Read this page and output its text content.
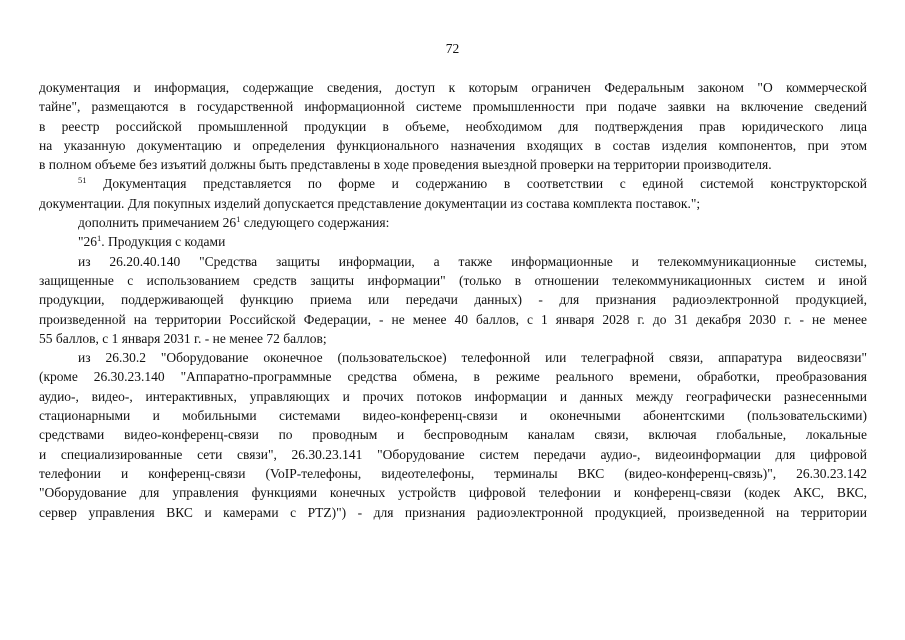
72
документация и информация, содержащие сведения, доступ к которым ограничен Федеральным законом "О коммерческой
тайне", размещаются в государственной информационной системе промышленности при подаче заявки на включение сведений
в реестр российской промышленной продукции в объеме, необходимом для подтверждения прав юридического лица
на указанную документацию и определения функционального назначения входящих в состав изделия компонентов, при этом
в полном объеме без изъятий должны быть представлены в ходе проведения выездной проверки на территории производителя.
$^{51}$ Документация представляется по форме и содержанию в соответствии с единой системой конструкторской
документации. Для покупных изделий допускается представление документации из состава комплекта поставок.";
дополнить примечанием $26^1$ следующего содержания:
"$26^1$. Продукция с кодами
из 26.20.40.140 "Средства защиты информации, а также информационные и телекоммуникационные системы,
защищенные с использованием средств защиты информации" (только в отношении телекоммуникационных систем и иной
продукции, поддерживающей функцию приема или передачи данных) - для признания радиоэлектронной продукцией,
произведенной на территории Российской Федерации, - не менее 40 баллов, с 1 января 2028 г. до 31 декабря 2030 г. - не менее
55 баллов, с 1 января 2031 г. - не менее 72 баллов;
из 26.30.2 "Оборудование оконечное (пользовательское) телефонной или телеграфной связи, аппаратура видеосвязи"
(кроме 26.30.23.140 "Аппаратно-программные средства обмена, в режиме реального времени, обработки, преобразования
аудио-, видео-, интерактивных, управляющих и прочих потоков информации и данных между географически разнесенными
стационарными и мобильными системами видео-конференц-связи и оконечными абонентскими (пользовательскими)
средствами видео-конференц-связи по проводным и беспроводным каналам связи, включая глобальные, локальные
и специализированные сети связи", 26.30.23.141 "Оборудование систем передачи аудио-, видеоинформации для цифровой
телефонии и конференц-связи (VoIP-телефоны, видеотелефоны, терминалы ВКС (видео-конференц-связь)", 26.30.23.142
"Оборудование для управления функциями конечных устройств цифровой телефонии и конференц-связи (кодек АКС, ВКС,
сервер управления ВКС и камерами с PTZ)") - для признания радиоэлектронной продукцией, произведенной на территории
